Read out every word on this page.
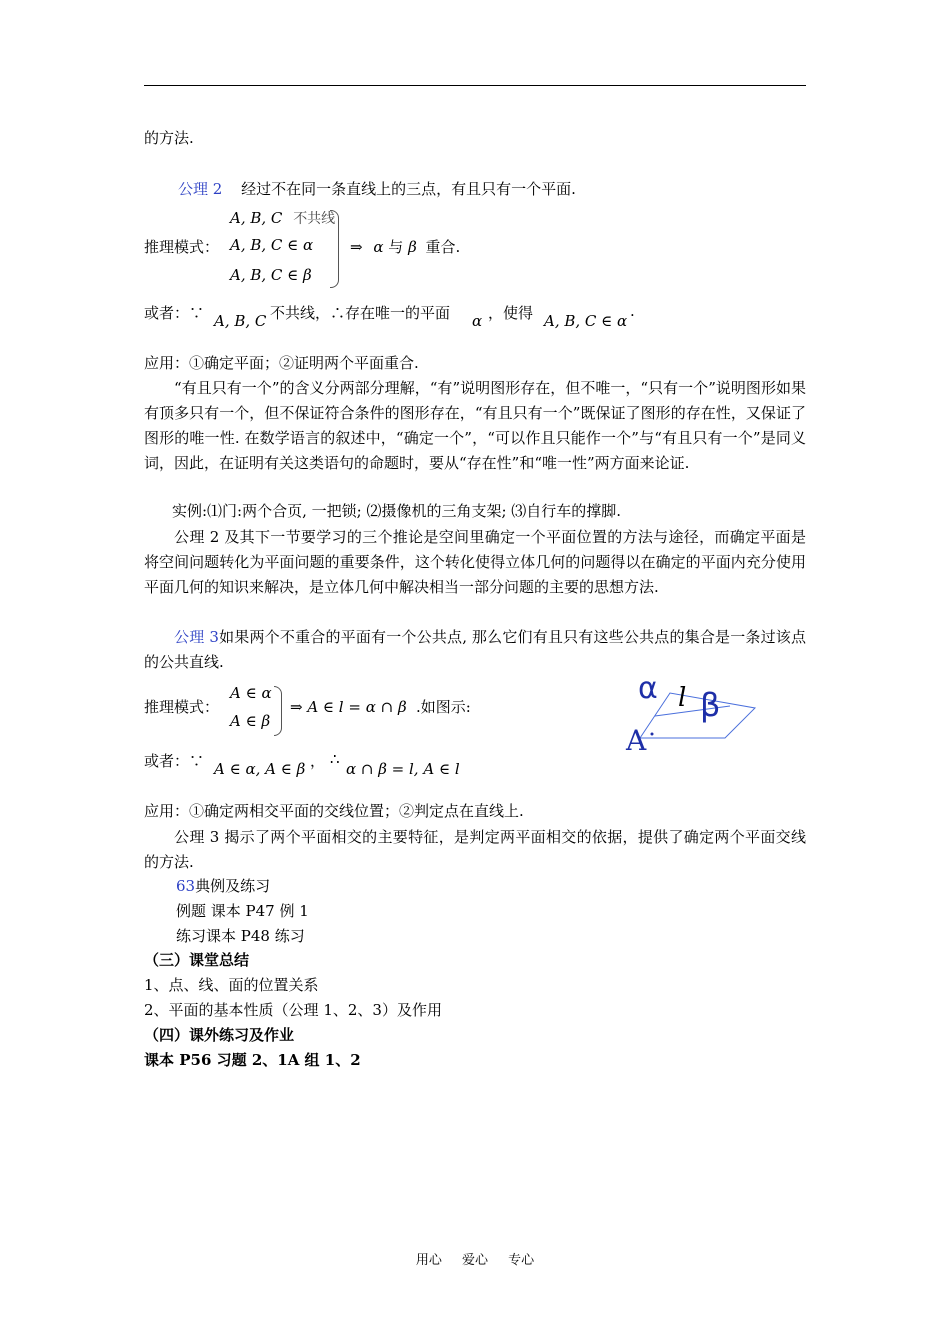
的方法.
公理 2 经过不在同一条直线上的三点，有且只有一个平面.
A, B, C 不共线
推理模式： A, B, C ∈ α
A, B, C ∈ β
⇒ α 与 β 重合.
或者：∵ A, B, C 不共线，∴存在唯一的平面 α ，使得 A, B, C ∈ α
.
应用：①确定平面；②证明两个平面重合.
“有且只有一个”的含义分两部分理解，“有”说明图形存在，但不唯一，“只有一个”说明图形如果有顶多只有一个，但不保证符合条件的图形存在，“有且只有一个”既保证了图形的存在性，又保证了图形的唯一性. 在数学语言的叙述中，“确定一个”，“可以作且只能作一个”与“有且只有一个”是同义词，因此，在证明有关这类语句的命题时，要从“存在性”和“唯一性”两方面来论证.
实例:⑴门:两个合页, 一把锁; ⑵摄像机的三角支架; ⑶自行车的撑脚.
公理 2 及其下一节要学习的三个推论是空间里确定一个平面位置的方法与途径，而确定平面是将空间问题转化为平面问题的重要条件，这个转化使得立体几何的问题得以在确定的平面内充分使用平面几何的知识来解决，是立体几何中解决相当一部分问题的主要的思想方法.
公理 3如果两个不重合的平面有一个公共点, 那么它们有且只有这些公共点的集合是一条过该点的公共直线.
A ∈ α
推理模式：
A ∈ β
⇒ A ∈ l = α ∩ β .如图示:
α l β
A
或者：∵ A ∈ α, A ∈ β ， ∴
α ∩ β = l, A ∈ l
应用：①确定两相交平面的交线位置；②判定点在直线上.
公理 3 揭示了两个平面相交的主要特征，是判定两平面相交的依据，提供了确定两个平面交线的方法.
63典例及练习
例题 课本 P47 例 1
练习课本 P48 练习
（三）课堂总结
1、点、线、面的位置关系
2、平面的基本性质（公理 1、2、3）及作用
（四）课外练习及作业
课本 P56 习题 2、1A 组 1、2
用心 爱心 专心
